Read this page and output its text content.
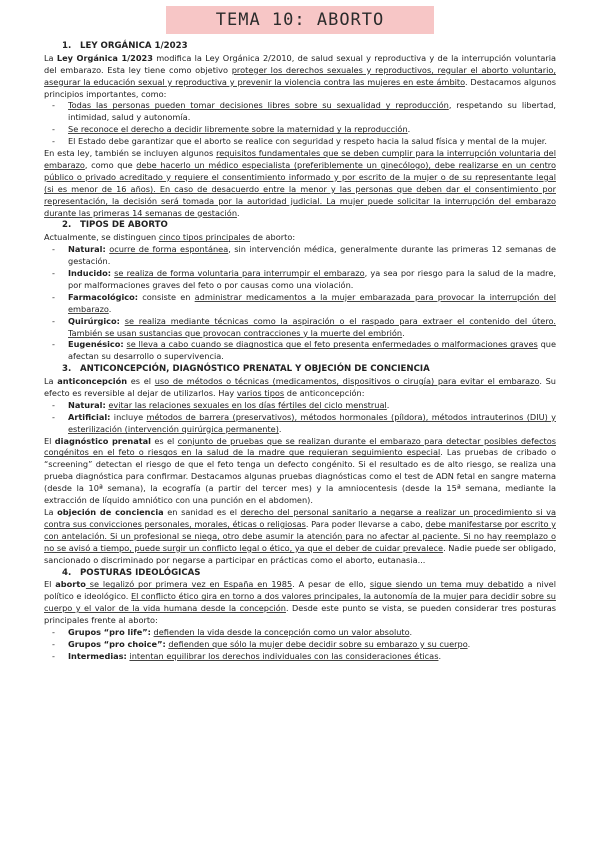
TEMA 10: ABORTO
1. LEY ORGÁNICA 1/2023

La Ley Orgánica 1/2023 modifica la Ley Orgánica 2/2010, de salud sexual y reproductiva y de la interrupción voluntaria del embarazo. Esta ley tiene como objetivo proteger los derechos sexuales y reproductivos, regular el aborto voluntario, asegurar la educación sexual y reproductiva y prevenir la violencia contra las mujeres en este ámbito. Destacamos algunos principios importantes, como:

- Todas las personas pueden tomar decisiones libres sobre su sexualidad y reproducción, respetando su libertad, intimidad, salud y autonomía.
- Se reconoce el derecho a decidir libremente sobre la maternidad y la reproducción.
- El Estado debe garantizar que el aborto se realice con seguridad y respeto hacia la salud física y mental de la mujer.

En esta ley, también se incluyen algunos requisitos fundamentales que se deben cumplir para la interrupción voluntaria del embarazo, como que debe hacerlo un médico especialista (preferiblemente un ginecólogo), debe realizarse en un centro público o privado acreditado y requiere el consentimiento informado y por escrito de la mujer o de su representante legal (si es menor de 16 años). En caso de desacuerdo entre la menor y las personas que deben dar el consentimiento por representación, la decisión será tomada por la autoridad judicial. La mujer puede solicitar la interrupción del embarazo durante las primeras 14 semanas de gestación.

2. TIPOS DE ABORTO

Actualmente, se distinguen cinco tipos principales de aborto:

- Natural: ocurre de forma espontánea, sin intervención médica, generalmente durante las primeras 12 semanas de gestación.
- Inducido: se realiza de forma voluntaria para interrumpir el embarazo, ya sea por riesgo para la salud de la madre, por malformaciones graves del feto o por causas como una violación.
- Farmacológico: consiste en administrar medicamentos a la mujer embarazada para provocar la interrupción del embarazo.
- Quirúrgico: se realiza mediante técnicas como la aspiración o el raspado para extraer el contenido del útero. También se usan sustancias que provocan contracciones y la muerte del embrión.
- Eugenésico: se lleva a cabo cuando se diagnostica que el feto presenta enfermedades o malformaciones graves que afectan su desarrollo o supervivencia.
3. ANTICONCEPCIÓN, DIAGNÓSTICO PRENATAL Y OBJECIÓN DE CONCIENCIA

La anticoncepción es el uso de métodos o técnicas (medicamentos, dispositivos o cirugía) para evitar el embarazo. Su efecto es reversible al dejar de utilizarlos. Hay varios tipos de anticoncepción:

- Natural: evitar las relaciones sexuales en los días fértiles del ciclo menstrual.
- Artificial: incluye métodos de barrera (preservativos), métodos hormonales (píldora), métodos intrauterinos (DIU) y esterilización (intervención quirúrgica permanente).

El diagnóstico prenatal es el conjunto de pruebas que se realizan durante el embarazo para detectar posibles defectos congénitos en el feto o riesgos en la salud de la madre que requieran seguimiento especial. Las pruebas de cribado o “screening” detectan el riesgo de que el feto tenga un defecto congénito. Si el resultado es de alto riesgo, se realiza una prueba diagnóstica para confirmar. Destacamos algunas pruebas diagnósticas como el test de ADN fetal en sangre materna (desde la 10ª semana), la ecografía (a partir del tercer mes) y la amniocentesis (desde la 15ª semana, mediante la extracción de líquido amniótico con una punción en el abdomen).

La objeción de conciencia en sanidad es el derecho del personal sanitario a negarse a realizar un procedimiento si va contra sus convicciones personales, morales, éticas o religiosas. Para poder llevarse a cabo, debe manifestarse por escrito y con antelación. Si un profesional se niega, otro debe asumir la atención para no afectar al paciente. Si no hay reemplazo o no se avisó a tiempo, puede surgir un conflicto legal o ético, ya que el deber de cuidar prevalece. Nadie puede ser obligado, sancionado o discriminado por negarse a participar en prácticas como el aborto, eutanasia...

4. POSTURAS IDEOLÓGICAS

El aborto se legalizó por primera vez en España en 1985. A pesar de ello, sigue siendo un tema muy debatido a nivel político e ideológico. El conflicto ético gira en torno a dos valores principales, la autonomía de la mujer para decidir sobre su cuerpo y el valor de la vida humana desde la concepción. Desde este punto se vista, se pueden considerar tres posturas principales frente al aborto:

- Grupos “pro life”: defienden la vida desde la concepción como un valor absoluto.
- Grupos “pro choice”: defienden que sólo la mujer debe decidir sobre su embarazo y su cuerpo.
- Intermedias: intentan equilibrar los derechos individuales con las consideraciones éticas.
